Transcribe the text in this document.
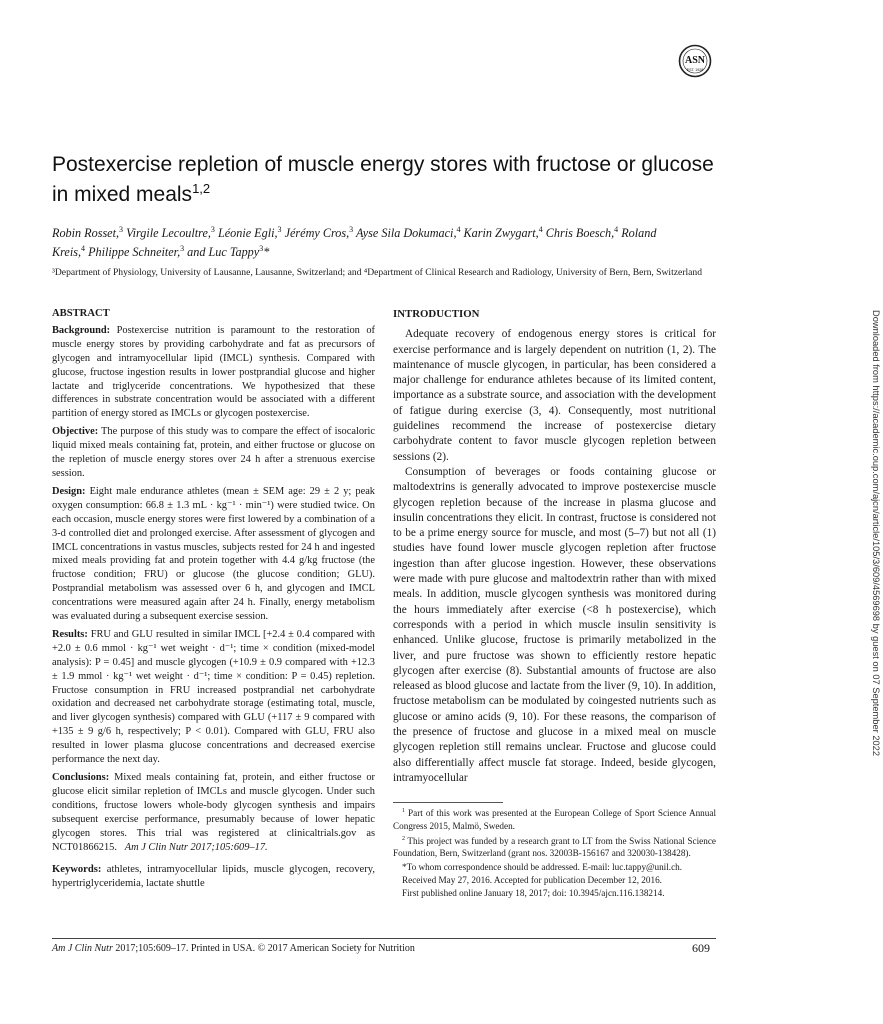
ASN
EST. 1928
Postexercise repletion of muscle energy stores with fructose or glucose in mixed meals$^{1,2}$
Robin Rosset,$^3$ Virgile Lecoultre,$^3$ Léonie Egli,$^3$ Jérémy Cros,$^3$ Ayse Sila Dokumaci,$^4$ Karin Zwygart,$^4$ Chris Boesch,$^4$ Roland Kreis,$^4$ Philippe Schneiter,$^3$ and Luc Tappy$^3$*
³Department of Physiology, University of Lausanne, Lausanne, Switzerland; and ⁴Department of Clinical Research and Radiology, University of Bern, Bern, Switzerland
ABSTRACT

Background: Postexercise nutrition is paramount to the restoration of muscle energy stores by providing carbohydrate and fat as precursors of glycogen and intramyocellular lipid (IMCL) synthesis. Compared with glucose, fructose ingestion results in lower postprandial glucose and higher lactate and triglyceride concentrations. We hypothesized that these differences in substrate concentration would be associated with a different partition of energy stored as IMCLs or glycogen postexercise.

Objective: The purpose of this study was to compare the effect of isocaloric liquid mixed meals containing fat, protein, and either fructose or glucose on the repletion of muscle energy stores over 24 h after a strenuous exercise session.

Design: Eight male endurance athletes (mean ± SEM age: 29 ± 2 y; peak oxygen consumption: 66.8 ± 1.3 mL · kg⁻¹ · min⁻¹) were studied twice. On each occasion, muscle energy stores were first lowered by a combination of a 3-d controlled diet and prolonged exercise. After assessment of glycogen and IMCL concentrations in vastus muscles, subjects rested for 24 h and ingested mixed meals providing fat and protein together with 4.4 g/kg fructose (the fructose condition; FRU) or glucose (the glucose condition; GLU). Postprandial metabolism was assessed over 6 h, and glycogen and IMCL concentrations were measured again after 24 h. Finally, energy metabolism was evaluated during a subsequent exercise session.

Results: FRU and GLU resulted in similar IMCL [+2.4 ± 0.4 compared with +2.0 ± 0.6 mmol · kg⁻¹ wet weight · d⁻¹; time × condition (mixed-model analysis): P = 0.45] and muscle glycogen (+10.9 ± 0.9 compared with +12.3 ± 1.9 mmol · kg⁻¹ wet weight · d⁻¹; time × condition: P = 0.45) repletion. Fructose consumption in FRU increased postprandial net carbohydrate oxidation and decreased net carbohydrate storage (estimating total, muscle, and liver glycogen synthesis) compared with GLU (+117 ± 9 compared with +135 ± 9 g/6 h, respectively; P < 0.01). Compared with GLU, FRU also resulted in lower plasma glucose concentrations and decreased exercise performance the next day.

Conclusions: Mixed meals containing fat, protein, and either fructose or glucose elicit similar repletion of IMCLs and muscle glycogen. Under such conditions, fructose lowers whole-body glycogen synthesis and impairs subsequent exercise performance, presumably because of lower hepatic glycogen stores. This trial was registered at clinicaltrials.gov as NCT01866215. Am J Clin Nutr 2017;105:609–17.

Keywords: athletes, intramyocellular lipids, muscle glycogen, recovery, hypertriglyceridemia, lactate shuttle

INTRODUCTION

Adequate recovery of endogenous energy stores is critical for exercise performance and is largely dependent on nutrition (1, 2). The maintenance of muscle glycogen, in particular, has been considered a major challenge for endurance athletes because of its limited content, importance as a substrate source, and association with the development of fatigue during exercise (3, 4). Consequently, most nutritional guidelines recommend the increase of postexercise dietary carbohydrate content to favor muscle glycogen repletion between sessions (2).

Consumption of beverages or foods containing glucose or maltodextrins is generally advocated to improve postexercise muscle glycogen repletion because of the increase in plasma glucose and insulin concentrations they elicit. In contrast, fructose is considered not to be a prime energy source for muscle, and most (5–7) but not all (1) studies have found lower muscle glycogen repletion after fructose ingestion than after glucose ingestion. However, these observations were made with pure glucose and maltodextrin rather than with mixed meals. In addition, muscle glycogen synthesis was monitored during the hours immediately after exercise (<8 h postexercise), which corresponds with a period in which muscle insulin sensitivity is enhanced. Unlike glucose, fructose is primarily metabolized in the liver, and pure fructose was shown to efficiently restore hepatic glycogen after exercise (8). Substantial amounts of fructose are also released as blood glucose and lactate from the liver (9, 10). In addition, fructose metabolism can be modulated by coingested nutrients such as glucose or amino acids (9, 10). For these reasons, the comparison of the presence of fructose and glucose in a mixed meal on muscle glycogen repletion still remains unclear. Fructose and glucose could also differentially affect muscle fat storage. Indeed, beside glycogen, intramyocellular

$^1$ Part of this work was presented at the European College of Sport Science Annual Congress 2015, Malmö, Sweden.

$^2$ This project was funded by a research grant to LT from the Swiss National Science Foundation, Bern, Switzerland (grant nos. 32003B-156167 and 320030-138428).

*To whom correspondence should be addressed. E-mail: luc.tappy@unil.ch.

Received May 27, 2016. Accepted for publication December 12, 2016.

First published online January 18, 2017; doi: 10.3945/ajcn.116.138214.

Am J Clin Nutr 2017;105:609–17. Printed in USA. © 2017 American Society for Nutrition	609
Downloaded from https://academic.oup.com/ajcn/article/105/3/609/4569698 by guest on 07 September 2022
